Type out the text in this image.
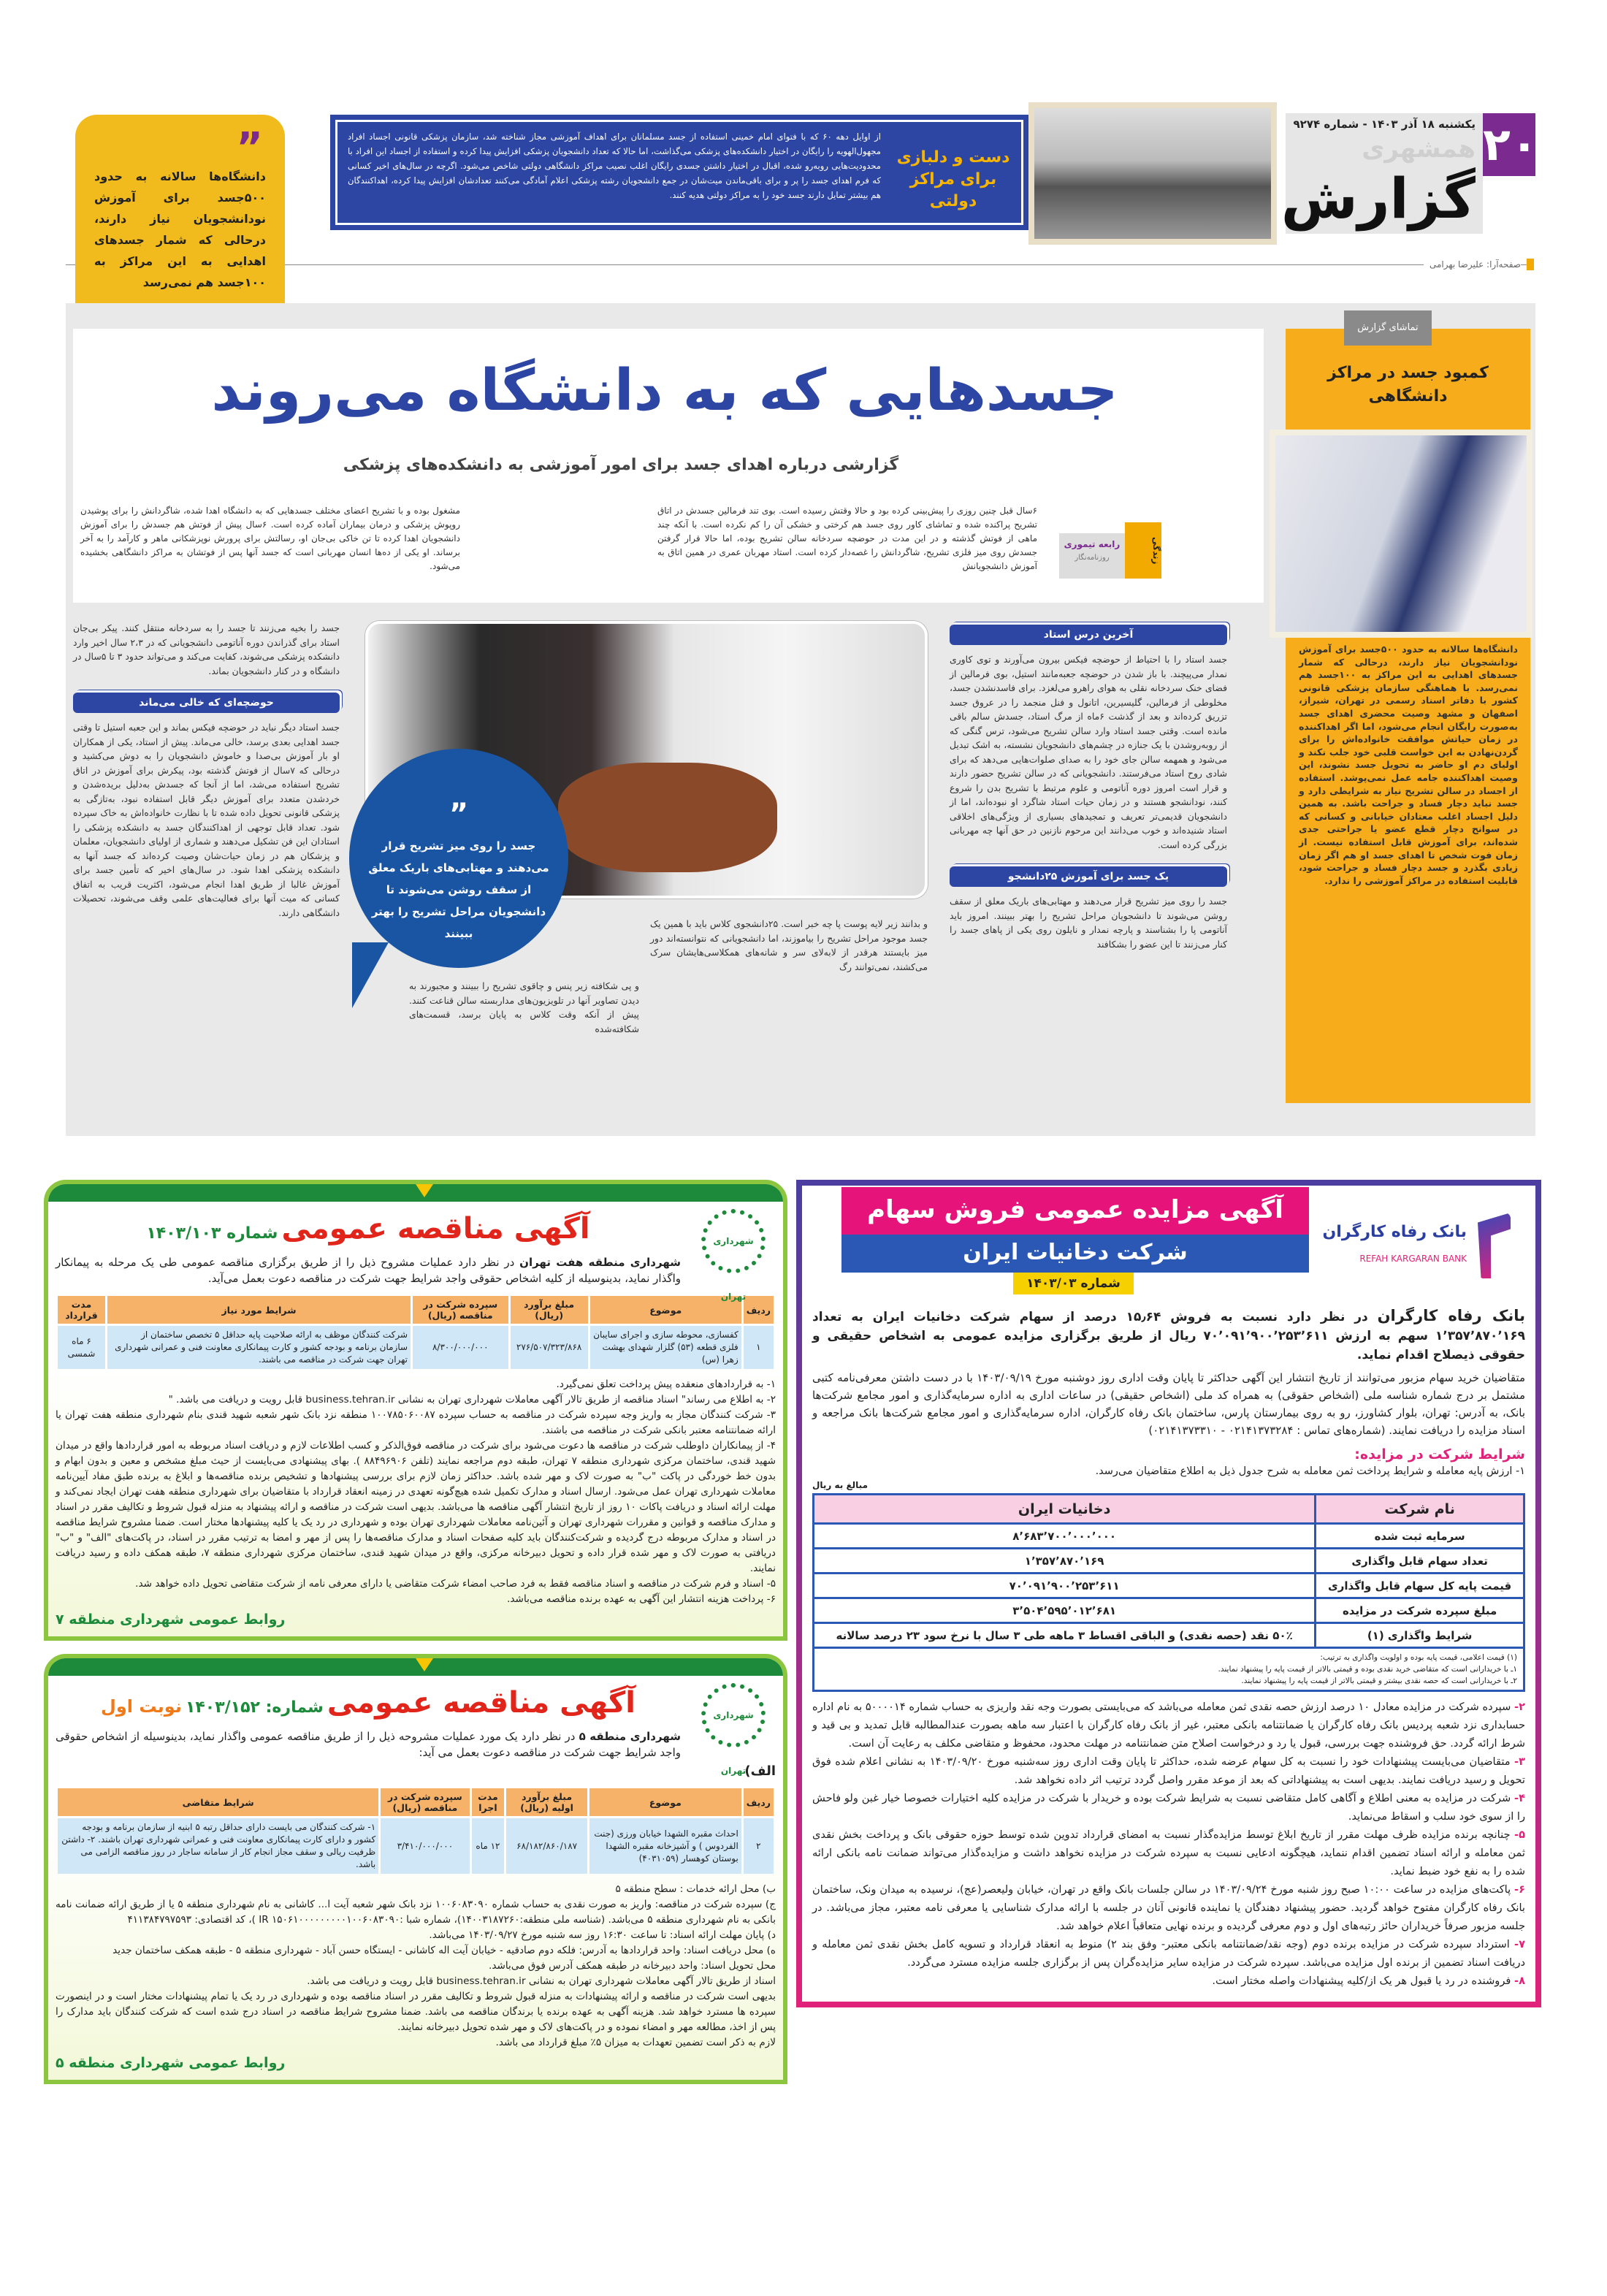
۲۰
یکشنبه ۱۸ آذر ۱۴۰۳ - شماره ۹۲۷۴
همشهری
گزارش
صفحه‌آرا: علیرضا بهرامی
دست و دلبازی برای مراکز دولتی
از اوایل دهه ۶۰ که با فتوای امام خمینی استفاده از جسد مسلمانان برای اهداف آموزشی مجاز شناخته شد، سازمان پزشکی قانونی اجساد افراد مجهول‌الهویه را رایگان در اختیار دانشکده‌های پزشکی می‌گذاشت، اما حالا که تعداد دانشجویان پزشکی افزایش پیدا کرده و استفاده از اجساد این افراد با محدودیت‌هایی روبه‌رو شده، اقبال در اختیار داشتن جسدی رایگان اغلب نصیب مراکز دانشگاهی دولتی شاخص می‌شود. اگرچه در سال‌های اخیر کسانی که فرم اهدای جسد را پر و برای باقی‌ماندن میت‌شان در جمع دانشجویان رشته پزشکی اعلام آمادگی می‌کنند تعدادشان افزایش پیدا کرده، اهداکنندگان هم بیشتر تمایل دارند جسد خود را به مراکز دولتی هدیه کنند.
”
دانشگاه‌ها سالانه به حدود ۵۰۰جسد برای آموزش نودانشجویان نیاز دارند، درحالی که شمار جسدهای اهدایی به این مراکز به ۱۰۰جسد هم نمی‌رسد
جسدهایی که به دانشگاه می‌روند
گزارشی درباره اهدای جسد برای امور آموزشی به دانشکده‌های پزشکی
۶سال قبل چنین روزی را پیش‌بینی کرده بود و حالا وقتش رسیده است. بوی تند فرمالین جسدش در اتاق تشریح پراکنده شده و تماشای کاور روی جسد هم کرختی و خشکی آن را کم نکرده است. با آنکه چند ماهی از فوتش گذشته و در این مدت در حوضچه سردخانه سالن تشریح بوده، اما حالا قرار گرفتن جسدش روی میز فلزی تشریح، شاگردانش را غصه‌دار کرده است. استاد مهربان عمری در همین اتاق به آموزش دانشجویانش
مشغول بوده و با تشریح اعضای مختلف جسدهایی که به دانشگاه اهدا شده، شاگردانش را برای پوشیدن روپوش پزشکی و درمان بیماران آماده کرده است. ۶سال پیش از فوتش هم جسدش را برای آموزش دانشجویان اهدا کرده تا تن خاکی بی‌جان او، رسالتش برای پرورش نوپزشکانی ماهر و کارآمد را به آخر برساند. او یکی از ده‌ها انسان مهربانی است که جسد آنها پس از فوتشان به مراکز دانشگاهی بخشیده می‌شود.
رابعه تیموری
روزنامه‌نگار	زندگی
تماشای گزارش
کمبود جسد در مراکز دانشگاهی
دانشگاه‌ها سالانه به حدود ۵۰۰جسد برای آموزش نودانشجویان نیاز دارند، درحالی که شمار جسدهای اهدایی به این مراکز به ۱۰۰جسد هم نمی‌رسد. با هماهنگی سازمان پزشکی قانونی کشور با دفاتر اسناد رسمی در تهران، شیراز، اصفهان و مشهد وصیت محضری اهدای جسد به‌صورت رایگان انجام می‌شود، اما اگر اهداکننده در زمان حیاتش موافقت خانواده‌اش را برای گردن‌نهادن به این خواست قلبی خود جلب نکند و اولیای دم او حاضر به تحویل جسد نشوند، این وصیت اهداکننده جامه عمل نمی‌پوشد. استفاده از اجساد در سالن تشریح نیاز به شرایطی دارد و جسد نباید دچار فساد و جراحت باشد. به همین دلیل اجساد اغلب معتادان خیابانی و کسانی که در سوانح دچار قطع عضو یا جراحتی جدی شده‌اند، برای آموزش قابل استفاده نیست. از زمان فوت شخص تا اهدای جسد او هم اگر زمان زیادی بگذرد و جسد دچار فساد و جراحت شود، قابلیت استفاده در مراکز آموزشی را ندارد.
آخرین درس استاد

جسد استاد را با احتیاط از حوضچه فیکس بیرون می‌آورند و توی کاوری نمدار می‌پیچند. با باز شدن در حوضچه جعبه‌مانند استیل، بوی فرمالین از فضای خنک سردخانه نقلی به هوای راهرو می‌لغزد. برای فاسدنشدن جسد، مخلوطی از فرمالین، گلیسیرین، اتانول و فنل منجمد را در عروق جسد تزریق کرده‌اند و بعد از گذشت ۶ماه از مرگ استاد، جسدش سالم باقی مانده است. وقتی جسد استاد وارد سالن تشریح می‌شود، ترس گنگی که از روبه‌روشدن با یک جنازه در چشم‌های دانشجویان نشسته، به اشک تبدیل می‌شود و همهمه سالن جای خود را به صدای صلوات‌هایی می‌دهد که برای شادی روح استاد می‌فرستند. دانشجویانی که در سالن تشریح حضور دارند و قرار است امروز دوره آناتومی و علوم مرتبط با تشریح بدن را شروع کنند، نودانشجو هستند و در زمان حیات استاد شاگرد او نبوده‌اند، اما از دانشجویان قدیمی‌تر تعریف و تمجیدهای بسیاری از ویژگی‌های اخلاقی استاد شنیده‌اند و خوب می‌دانند این مرحوم نازنین در حق آنها چه مهربانی بزرگی کرده است.

یک جسد برای آموزش ۲۵دانشجو

جسد را روی میز تشریح قرار می‌دهند و مهتابی‌های باریک معلق از سقف روشن می‌شوند تا دانشجویان مراحل تشریح را بهتر ببینند. امروز باید آناتومی پا را بشناسند و پارچه نمدار و نایلون روی یکی از پاهای جسد را کنار می‌زنند تا این عضو را بشکافند

”
جسد را روی میز تشریح قرار می‌دهند و مهتابی‌های باریک معلق از سقف روشن می‌شوند تا دانشجویان مراحل تشریح را بهتر ببینند

و بدانند زیر لایه پوست پا چه خبر است. ۲۵دانشجوی کلاس باید با همین یک جسد موجود مراحل تشریح را بیاموزند، اما دانشجویانی که نتوانسته‌اند دور میز بایستند هرقدر از لابه‌لای سر و شانه‌های همکلاسی‌هایشان سرک می‌کشند، نمی‌توانند رگ

و پی شکافته زیر پنس و چاقوی تشریح را ببینند و مجبورند به دیدن تصاویر آنها در تلویزیون‌های مداربسته سالن قناعت کنند. پیش از آنکه وقت کلاس به پایان برسد، قسمت‌های شکافته‌شده

جسد را بخیه می‌زنند تا جسد را به سردخانه منتقل کنند. پیکر بی‌جان استاد برای گذراندن دوره آناتومی دانشجویانی که در ۲،۳ سال اخیر وارد دانشکده پزشکی می‌شوند، کفایت می‌کند و می‌تواند حدود ۳ تا ۵سال در دانشگاه و در کنار دانشجویان بماند.

حوضچه‌ای که خالی می‌ماند

جسد استاد دیگر نباید در حوضچه فیکس بماند و این جعبه استیل تا وقتی جسد اهدایی بعدی برسد، خالی می‌ماند. پیش از استاد، یکی از همکاران او بار آموزش بی‌صدا و خاموش دانشجویان را به دوش می‌کشید و درحالی که ۷سال از فوتش گذشته بود، پیکرش برای آموزش در اتاق تشریح استفاده می‌شد، اما از آنجا که جسدش به‌دلیل بریده‌شدن و خردشدن متعدد برای آموزش دیگر قابل استفاده نبود، به‌تازگی به پزشکی قانونی تحویل داده شده تا با نظارت خانواده‌اش به خاک سپرده شود. تعداد قابل توجهی از اهداکنندگان جسد به دانشکده پزشکی را استادان این فن تشکیل می‌دهند و شماری از اولیای دانشجویان، معلمان و پزشکان هم در زمان حیات‌شان وصیت کرده‌اند که جسد آنها به دانشکده پزشکی اهدا شود. در سال‌های اخیر که تأمین جسد برای آموزش غالبا از طریق اهدا انجام می‌شود، اکثریت قریب به اتفاق کسانی که میت آنها برای فعالیت‌های علمی وقف می‌شوند، تحصیلات دانشگاهی دارند.

شهرداری تهران
آگهی مناقصه عمومی شماره ۱۴۰۳/۱۰۳
شهرداری منطقه هفت تهران در نظر دارد عملیات مشروح ذیل را از طریق برگزاری مناقصه عمومی طی یک مرحله به پیمانکار واگذار نماید، بدینوسیله از کلیه اشخاص حقوقی واجد شرایط جهت شرکت در مناقصه دعوت بعمل می‌آید.
ردیف	موضوع	مبلغ برآورد (ریال)	سپرده شرکت در مناقصه (ریال)	شرایط مورد نیاز	مدت قرارداد
۱	کفسازی، محوطه سازی و اجرای سایبان فلزی قطعه (۵۳) گلزار شهدای بهشت زهرا (س)	۲۷۶/۵۰۷/۳۲۳/۸۶۸	۸/۳۰۰/۰۰۰/۰۰۰	شرکت کنندگان موظف به ارائه صلاحیت پایه حداقل ۵ تخصص ساختمان از سازمان برنامه و بودجه کشور و کارت پیمانکاری معاونت فنی و عمرانی شهرداری تهران جهت شرکت در مناقصه می باشند.	۶ ماه شمسی
۱- به قراردادهای منعقده پیش پرداخت تعلق نمی‌گیرد.
۲- به اطلاع می رساند" اسناد مناقصه از طریق تالار آگهی معاملات شهرداری تهران به نشانی business.tehran.ir قابل رویت و دریافت می باشد. "
۳- شرکت کنندگان مجاز به واریز وجه سپرده شرکت در مناقصه به حساب سپرده ۱۰۰۷۸۵۰۶۰۰۸۷ منطقه نزد بانک شهر شعبه شهید قندی بنام شهرداری منطقه هفت تهران یا ارائه ضمانتنامه معتبر بانکی شرکت در مناقصه می باشند.
۴- از پیمانکاران داوطلب شرکت در مناقصه ها دعوت می‌شود برای شرکت در مناقصه فوق‌الذکر و کسب اطلاعات لازم و دریافت اسناد مربوطه به امور قراردادها واقع در میدان شهید قندی، ساختمان مرکزی شهرداری منطقه ۷ تهران، طبقه دوم مراجعه نمایند (تلفن ۸۸۴۹۶۹۰۶ ). بهای پیشنهادی می‌بایست از حیث مبلغ مشخص و معین و بدون ابهام و بدون خط خوردگی در پاکت "ب" به صورت لاک و مهر شده باشد. حداکثر زمان لازم برای بررسی پیشنهادها و تشخیص برنده مناقصه‌ها و ابلاغ به برنده طبق مفاد آیین‌نامه معاملات شهرداری تهران عمل می‌شود. ارسال اسناد و مدارک تکمیل شده هیچ‌گونه تعهدی در زمینه انعقاد قرارداد با متقاضیان برای شهرداری منطقه هفت تهران ایجاد نمی‌کند و مهلت ارائه اسناد و دریافت پاکات ۱۰ روز از تاریخ انتشار آگهی مناقصه ها می‌باشد. بدیهی است شرکت در مناقصه و ارائه پیشنهاد به منزله قبول شروط و تکالیف مقرر در اسناد و مدارک مناقصه و قوانین و مقررات شهرداری تهران و آئین‌نامه معاملات شهرداری تهران بوده و شهرداری در رد یک یا کلیه پیشنهادها مختار است. ضمنا مشروح شرایط مناقصه در اسناد و مدارک مربوطه درج گردیده و شرکت‌کنندگان باید کلیه صفحات اسناد و مدارک مناقصه‌ها را پس از مهر و امضا به ترتیب مقرر در اسناد، در پاکت‌های "الف" و "ب" دریافتی به صورت لاک و مهر شده قرار داده و تحویل دبیرخانه مرکزی، واقع در میدان شهید قندی، ساختمان مرکزی شهرداری منطقه ۷، طبقه همکف داده و رسید دریافت نمایند.
۵- اسناد و فرم شرکت در مناقصه و اسناد مناقصه فقط به فرد صاحب امضاء شرکت متقاضی یا دارای معرفی نامه از شرکت متقاضی تحویل داده خواهد شد.
۶- پرداخت هزینه انتشار این آگهی به عهده برنده مناقصه می‌باشد.
روابط عمومی شهرداری منطقه ۷
شهرداری تهران
آگهی مناقصه عمومی شماره: ۱۴۰۳/۱۵۲ نوبت اول
شهرداری منطقه ۵ در نظر دارد یک مورد عملیات مشروحه ذیل را از طریق مناقصه عمومی واگذار نماید، بدینوسیله از اشخاص حقوقی واجد شرایط جهت شرکت در مناقصه دعوت بعمل می آید:
الف)
ردیف	موضوع	مبلغ برآورد اولیه (ریال)	مدت اجرا	سپرده شرکت در مناقصه (ریال)	شرایط متقاضی
۲	احداث مقبره الشهدا خیابان ورزی (جنت الفردوس ) و آشپزخانه مقبره الشهدا بوستان کوهسار (۴۰۳۱۰۵۹)	۶۸/۱۸۲/۸۶۰/۱۸۷	۱۲ ماه	۳/۴۱۰/۰۰۰/۰۰۰	۱- شرکت کنندگان می بایست دارای حداقل رتبه ۵ ابنیه از سازمان برنامه و بودجه کشور و دارای کارت پیمانکاری معاونت فنی و عمرانی شهرداری تهران باشند. ۲- داشتن ظرفیت ریالی و سقف مجاز انجام کار از سامانه ساجار در روز مناقصه الزامی می باشد.
ب) محل ارائه خدمات : سطح منطقه ۵
ج) سپرده شرکت در مناقصه: واریز به صورت نقدی به حساب شماره ۱۰۰۶۰۸۳۰۹۰ نزد بانک شهر شعبه آیت ا... کاشانی به نام شهرداری منطقه ۵ یا از طریق ارائه ضمانت نامه بانکی به نام شهرداری منطقه ۵ می‌باشد. (شناسه ملی منطقه:۱۴۰۰۳۱۸۷۲۶۰)، شماره شبا :IR ۱۵۰۶۱۰۰۰۰۰۰۰۰۰۱۰۰۶۰۸۳۰۹۰ )، کد اقتصادی: ۴۱۱۳۸۴۷۹۷۵۹۳
د) پایان مهلت ارائه اسناد: تا ساعت ۱۶:۳۰ روز سه شنبه مورخ ۱۴۰۳/۰۹/۲۷ می‌باشد.
ه) محل دریافت اسناد: واحد قراردادها به آدرس: فلکه دوم صادقیه - خیابان آیت اله کاشانی - ایستگاه حسن آباد - شهرداری منطقه ۵ - طبقه همکف ساختمان جدید
محل تحویل اسناد: واحد دبیرخانه در طبقه همکف آدرس فوق می‌باشد.
اسناد از طریق تالار آگهی معاملات شهرداری تهران به نشانی business.tehran.ir قابل رویت و دریافت می باشد.
بدیهی است شرکت در مناقصه و ارائه پیشنهادات به منزله قبول شروط و تکالیف مقرر در اسناد مناقصه بوده و شهرداری در رد یک یا تمام پیشنهادات مختار است و در اینصورت سپرده ها مسترد خواهد شد. هزینه آگهی به عهده برنده یا برندگان مناقصه می باشد. ضمنا مشروح شرایط مناقصه در اسناد درج شده است که شرکت کنندگان باید مدارک را پس از اخذ، مطالعه مهر و امضاء نموده و در پاکت‌های لاک و مهر شده تحویل دبیرخانه نمایند.
لازم به ذکر است تضمین تعهدات به میزان ۵٪ مبلغ قرارداد می باشد.
روابط عمومی شهرداری منطقه ۵
آگهی مزایده عمومی فروش سهام
شرکت دخانیات ایران
شماره ۱۴۰۳/۰۳
بانک رفاه کارگران
REFAH KARGARAN BANK
بانک رفاه کارگران در نظر دارد نسبت به فروش ۱۵٫۶۴ درصد از سهام شرکت دخانیات ایران به تعداد ۱٬۳۵۷٬۸۷۰٬۱۶۹ سهم به ارزش ۷۰٬۰۹۱٬۹۰۰٬۲۵۳٬۶۱۱ ریال از طریق برگزاری مزایده عمومی به اشخاص حقیقی و حقوقی ذیصلاح اقدام نماید.
متقاضیان خرید سهام مزبور می‌توانند از تاریخ انتشار این آگهی حداکثر تا پایان وقت اداری روز دوشنبه مورخ ۱۴۰۳/۰۹/۱۹ با در دست داشتن معرفی‌نامه کتبی مشتمل بر درج شماره شناسه ملی (اشخاص حقوقی) به همراه کد ملی (اشخاص حقیقی) در ساعات اداری به اداره سرمایه‌گذاری و امور مجامع شرکت‌ها بانک، به آدرس: تهران، بلوار کشاورز، رو به روی بیمارستان پارس، ساختمان بانک رفاه کارگران، اداره سرمایه‌گذاری و امور مجامع شرکت‌ها بانک مراجعه و اسناد مزایده را دریافت نمایند. (شماره‌های تماس : ۰۲۱۴۱۳۷۳۲۸۴ - ۰۲۱۴۱۳۷۳۳۱۰)
شرایط شرکت در مزایده:
۱- ارزش پایه معامله و شرایط پرداخت ثمن معامله به شرح جدول ذیل به اطلاع متقاضیان می‌رسد.
مبالغ به ریال
نام شرکت	دخانیات ایران
سرمایه ثبت شده	۸٬۶۸۳٬۷۰۰٬۰۰۰٬۰۰۰
تعداد سهام قابل واگذاری	۱٬۳۵۷٬۸۷۰٬۱۶۹
قیمت پایه کل سهام قابل واگذاری	۷۰٬۰۹۱٬۹۰۰٬۲۵۳٬۶۱۱
مبلغ سپرده شرکت در مزایده	۳٬۵۰۴٬۵۹۵٬۰۱۲٬۶۸۱
شرایط واگذاری (۱)	۵۰٪ نقد (حصه نقدی) و الباقی اقساط ۳ ماهه طی ۳ سال با نرخ سود ۲۳ درصد سالانه
(۱) قیمت اعلامی، قیمت پایه بوده و اولویت واگذاری به ترتیب:
۱ـ با خریدارانی است که متقاضی خرید نقدی بوده و قیمتی بالاتر از قیمت پایه را پیشنهاد نمایند.
۲ـ با خریدارانی است که حصه نقدی بیشتر و قیمتی بالاتر از قیمت پایه را پیشنهاد نمایند.
۲- سپرده شرکت در مزایده معادل ۱۰ درصد ارزش حصه نقدی ثمن معامله می‌باشد که می‌بایستی بصورت وجه نقد واریزی به حساب شماره ۵۰۰۰۰۱۴ به نام اداره حسابداری نزد شعبه پردیس بانک رفاه کارگران یا ضمانتنامه بانکی معتبر، غیر از بانک رفاه کارگران با اعتبار سه ماهه بصورت عندالمطالبه قابل تمدید و بی قید و شرط ارائه گردد. حق فروشنده جهت بررسی، قبول یا رد و درخواست اصلاح متن ضمانتنامه در مهلت محدود، محفوظ و متقاضی مکلف به رعایت آن است.
۳- متقاضیان می‌بایست پیشنهادات خود را نسبت به کل سهام عرضه شده، حداکثر تا پایان وقت اداری روز سه‌شنبه مورخ ۱۴۰۳/۰۹/۲۰ به نشانی اعلام شده فوق تحویل و رسید دریافت نمایند. بدیهی است به پیشنهاداتی که بعد از موعد مقرر واصل گردد ترتیب اثر داده نخواهد شد.
۴- شرکت در مزایده به معنی اطلاع و آگاهی کامل متقاضی نسبت به شرایط شرکت بوده و خریدار با شرکت در مزایده کلیه اختیارات خصوصا خیار غبن ولو فاحش را از سوی خود سلب و اسقاط می‌نماید.
۵- چنانچه برنده مزایده ظرف مهلت مقرر از تاریخ ابلاغ توسط مزایده‌گذار نسبت به امضای قرارداد تدوین شده توسط حوزه حقوقی بانک و پرداخت بخش نقدی ثمن معامله و ارائه اسناد تضمین اقدام ننماید، هیچگونه ادعایی نسبت به سپرده شرکت در مزایده نخواهد داشت و مزایده‌گذار می‌تواند ضمانت نامه بانکی ارائه شده را به نفع خود ضبط نماید.
۶- پاکت‌های مزایده در ساعت ۱۰:۰۰ صبح روز شنبه مورخ ۱۴۰۳/۰۹/۲۴ در سالن جلسات بانک واقع در تهران، خیابان ولیعصر(عج)، نرسیده به میدان ونک، ساختمان بانک رفاه کارگران مفتوح خواهد گردید. حضور پیشنهاد دهندگان یا نماینده قانونی آنان در جلسه با ارائه مدارک شناسایی یا معرفی نامه معتبر، مجاز می‌باشد. در جلسه مزبور صرفاً خریداران حائز رتبه‌های اول و دوم معرفی گردیده و برنده نهایی متعاقباً اعلام خواهد شد.
۷- استرداد سپرده شرکت در مزایده برنده دوم (وجه نقد/ضمانتنامه بانکی معتبر- وفق بند ۲) منوط به انعقاد قرارداد و تسویه کامل بخش نقدی ثمن معامله و دریافت اسناد تضمین از برنده اول مزایده می‌باشد. سپرده شرکت در مزایده سایر مزایده‌گران پس از برگزاری جلسه مزایده مسترد می‌گردد.
۸- فروشنده در رد یا قبول هر یک از/کلیه پیشنهادات واصله مختار است.
